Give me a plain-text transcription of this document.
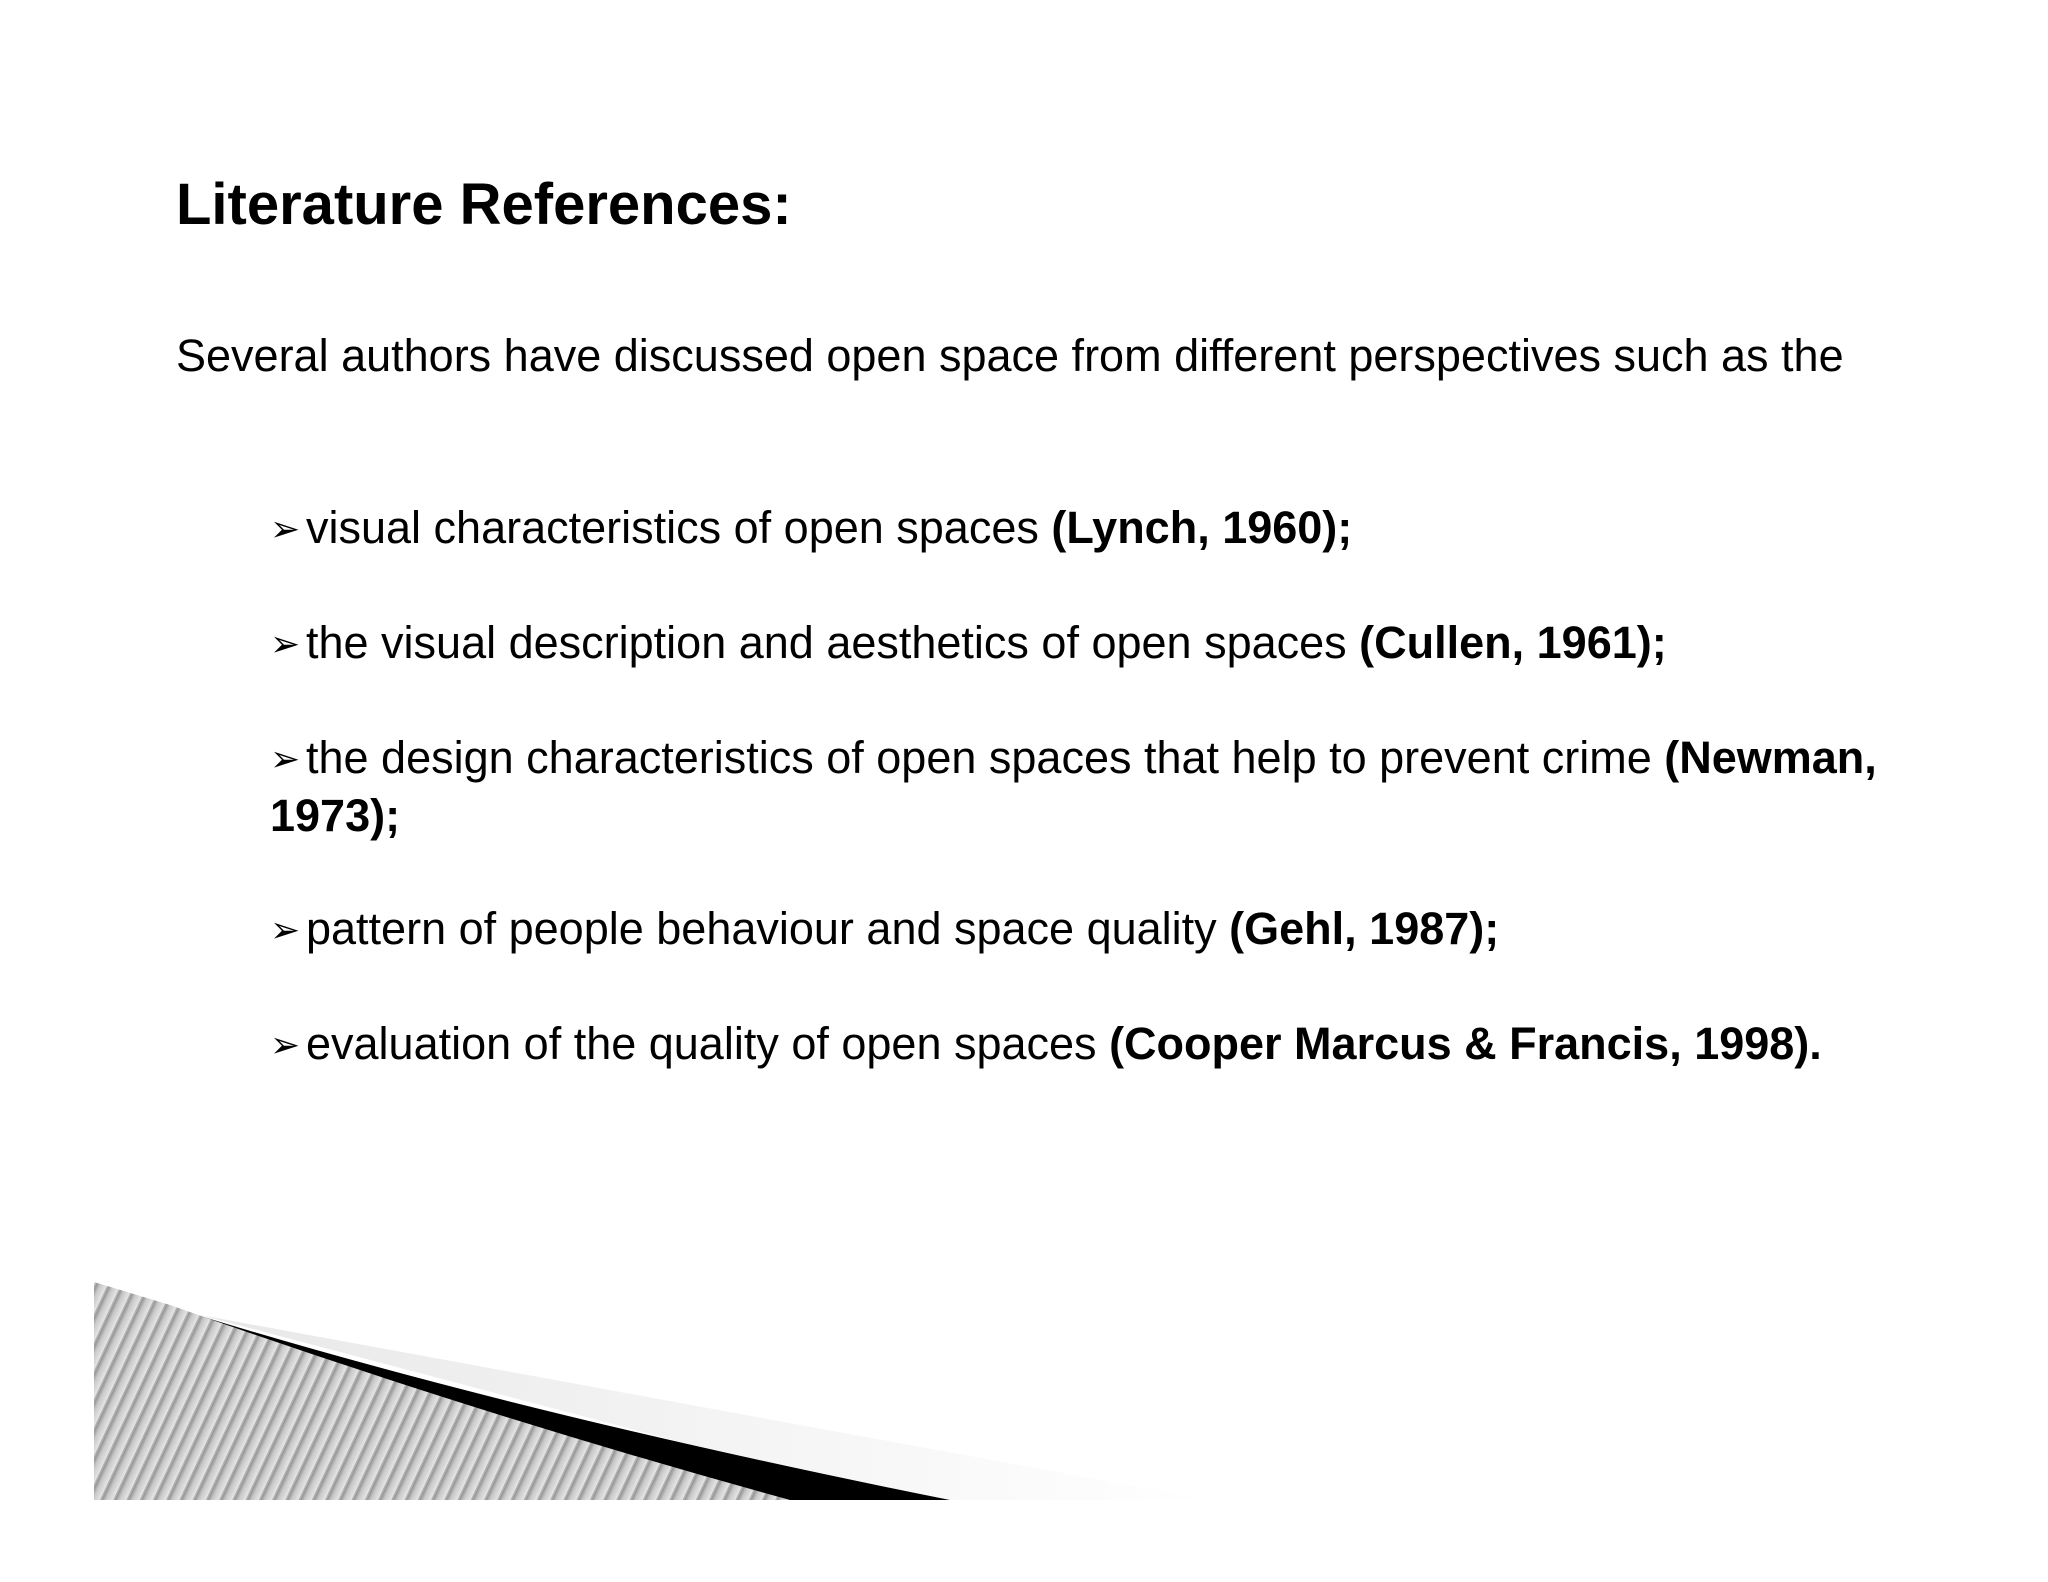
Literature References:
Several authors have discussed open space from different perspectives such as the
➢ visual characteristics of open spaces (Lynch, 1960);
➢ the visual description and aesthetics of open spaces (Cullen, 1961);
➢ the design characteristics of open spaces that help to prevent crime (Newman, 1973);
➢ pattern of people behaviour and space quality (Gehl, 1987);
➢ evaluation of the quality of open spaces (Cooper Marcus & Francis, 1998).
